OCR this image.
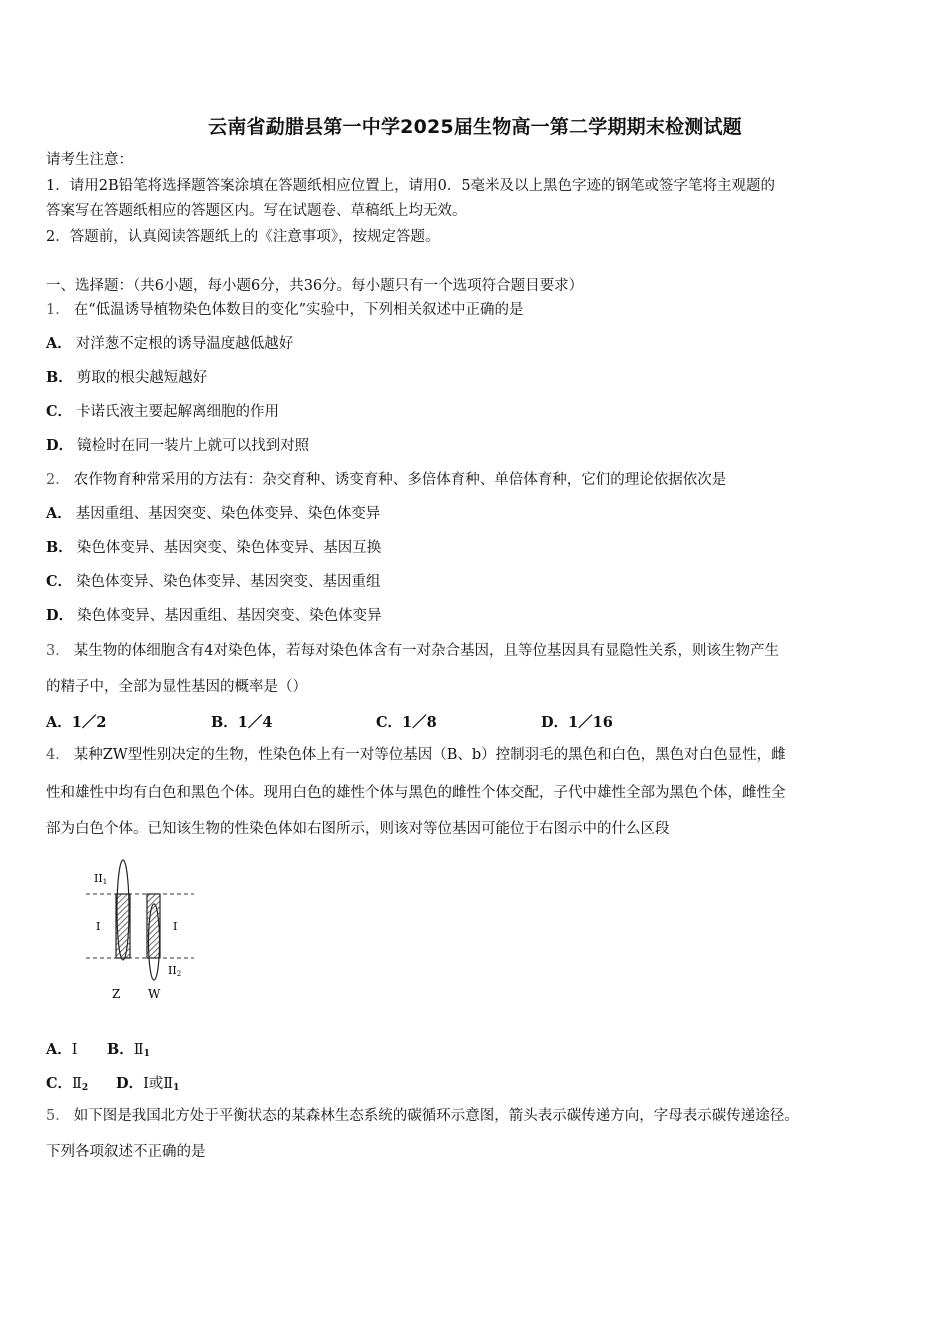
云南省勐腊县第一中学2025届生物高一第二学期期末检测试题
请考生注意：
1．请用2B铅笔将选择题答案涂填在答题纸相应位置上，请用0．5毫米及以上黑色字迹的钢笔或签字笔将主观题的
答案写在答题纸相应的答题区内。写在试题卷、草稿纸上均无效。
2．答题前，认真阅读答题纸上的《注意事项》，按规定答题。
一、选择题：（共6小题，每小题6分，共36分。每小题只有一个选项符合题目要求）
1． 在“低温诱导植物染色体数目的变化”实验中，下列相关叙述中正确的是
A． 对洋葱不定根的诱导温度越低越好
B． 剪取的根尖越短越好
C． 卡诺氏液主要起解离细胞的作用
D． 镜检时在同一装片上就可以找到对照
2． 农作物育种常采用的方法有：杂交育种、诱变育种、多倍体育种、单倍体育种，它们的理论依据依次是
A． 基因重组、基因突变、染色体变异、染色体变异
B． 染色体变异、基因突变、染色体变异、基因互换
C． 染色体变异、染色体变异、基因突变、基因重组
D． 染色体变异、基因重组、基因突变、染色体变异
3． 某生物的体细胞含有4对染色体，若每对染色体含有一对杂合基因，且等位基因具有显隐性关系，则该生物产生
的精子中，全部为显性基因的概率是（）
A．1／2	B．1／4	C．1／8	D．1／16
4． 某种ZW型性别决定的生物，性染色体上有一对等位基因（B、b）控制羽毛的黑色和白色，黑色对白色显性，雌
性和雄性中均有白色和黑色个体。现用白色的雄性个体与黑色的雌性个体交配，子代中雄性全部为黑色个体，雌性全
部为白色个体。已知该生物的性染色体如右图所示，则该对等位基因可能位于右图示中的什么区段
II1
I	I
II2
Z W
A．Ⅰ B．$Ⅱ_1$
C．$Ⅱ_2$ D．Ⅰ或$Ⅱ_1$
5． 如下图是我国北方处于平衡状态的某森林生态系统的碳循环示意图，箭头表示碳传递方向，字母表示碳传递途径。
下列各项叙述不正确的是
